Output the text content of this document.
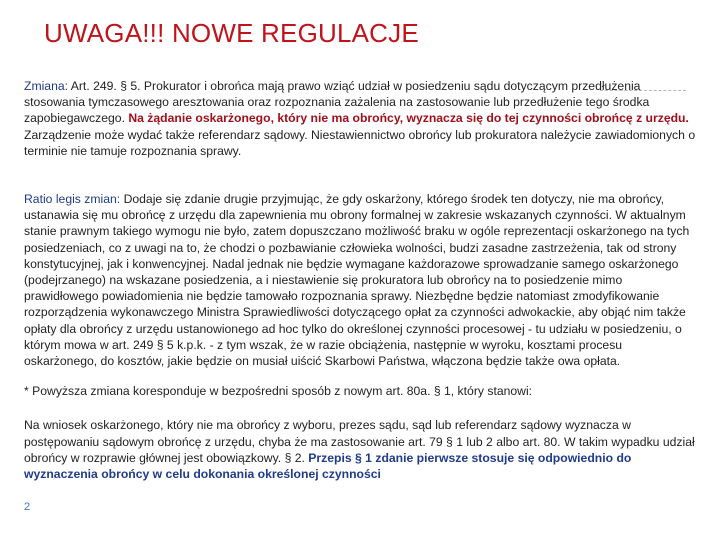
UWAGA!!! NOWE REGULACJE

Zmiana: Art. 249. § 5. Prokurator i obrońca mają prawo wziąć udział w posiedzeniu sądu dotyczącym przedłużenia stosowania tymczasowego aresztowania oraz rozpoznania zażalenia na zastosowanie lub przedłużenie tego środka zapobiegawczego. Na żądanie oskarżonego, który nie ma obrońcy, wyznacza się do tej czynności obrońcę z urzędu. Zarządzenie może wydać także referendarz sądowy. Niestawiennictwo obrońcy lub prokuratora należycie zawiadomionych o terminie nie tamuje rozpoznania sprawy.

Ratio legis zmian: Dodaje się zdanie drugie przyjmując, że gdy oskarżony, którego środek ten dotyczy, nie ma obrońcy, ustanawia się mu obrońcę z urzędu dla zapewnienia mu obrony formalnej w zakresie wskazanych czynności. W aktualnym stanie prawnym takiego wymogu nie było, zatem dopuszczano możliwość braku w ogóle reprezentacji oskarżonego na tych posiedzeniach, co z uwagi na to, że chodzi o pozbawianie człowieka wolności, budzi zasadne zastrzeżenia, tak od strony konstytucyjnej, jak i konwencyjnej. Nadal jednak nie będzie wymagane każdorazowe sprowadzanie samego oskarżonego (podejrzanego) na wskazane posiedzenia, a i niestawienie się prokuratora lub obrońcy na to posiedzenie mimo prawidłowego powiadomienia nie będzie tamowało rozpoznania sprawy. Niezbędne będzie natomiast zmodyfikowanie rozporządzenia wykonawczego Ministra Sprawiedliwości dotyczącego opłat za czynności adwokackie, aby objąć nim także opłaty dla obrońcy z urzędu ustanowionego ad hoc tylko do określonej czynności procesowej - tu udziału w posiedzeniu, o którym mowa w art. 249 § 5 k.p.k. - z tym wszak, że w razie obciążenia, następnie w wyroku, kosztami procesu oskarżonego, do kosztów, jakie będzie on musiał uiścić Skarbowi Państwa, włączona będzie także owa opłata.

* Powyższa zmiana koresponduje w bezpośredni sposób z nowym art. 80a. § 1, który stanowi:

Na wniosek oskarżonego, który nie ma obrońcy z wyboru, prezes sądu, sąd lub referendarz sądowy wyznacza w postępowaniu sądowym obrońcę z urzędu, chyba że ma zastosowanie art. 79 § 1 lub 2 albo art. 80. W takim wypadku udział obrońcy w rozprawie głównej jest obowiązkowy. § 2. Przepis § 1 zdanie pierwsze stosuje się odpowiednio do wyznaczenia obrońcy w celu dokonania określonej czynności

2
